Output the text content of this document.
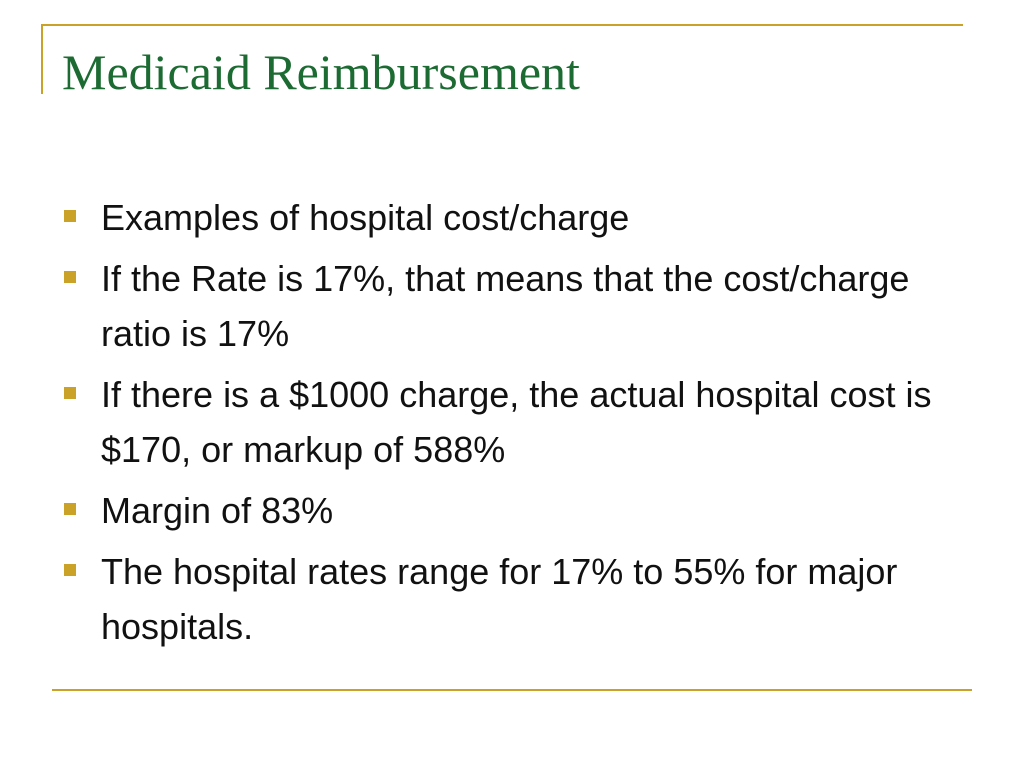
Medicaid Reimbursement
Examples of hospital cost/charge
If the Rate is 17%, that means that the cost/charge ratio is 17%
If there is a $1000 charge, the actual hospital cost is $170, or markup of 588%
Margin of 83%
The hospital rates range for 17% to 55% for major hospitals.
